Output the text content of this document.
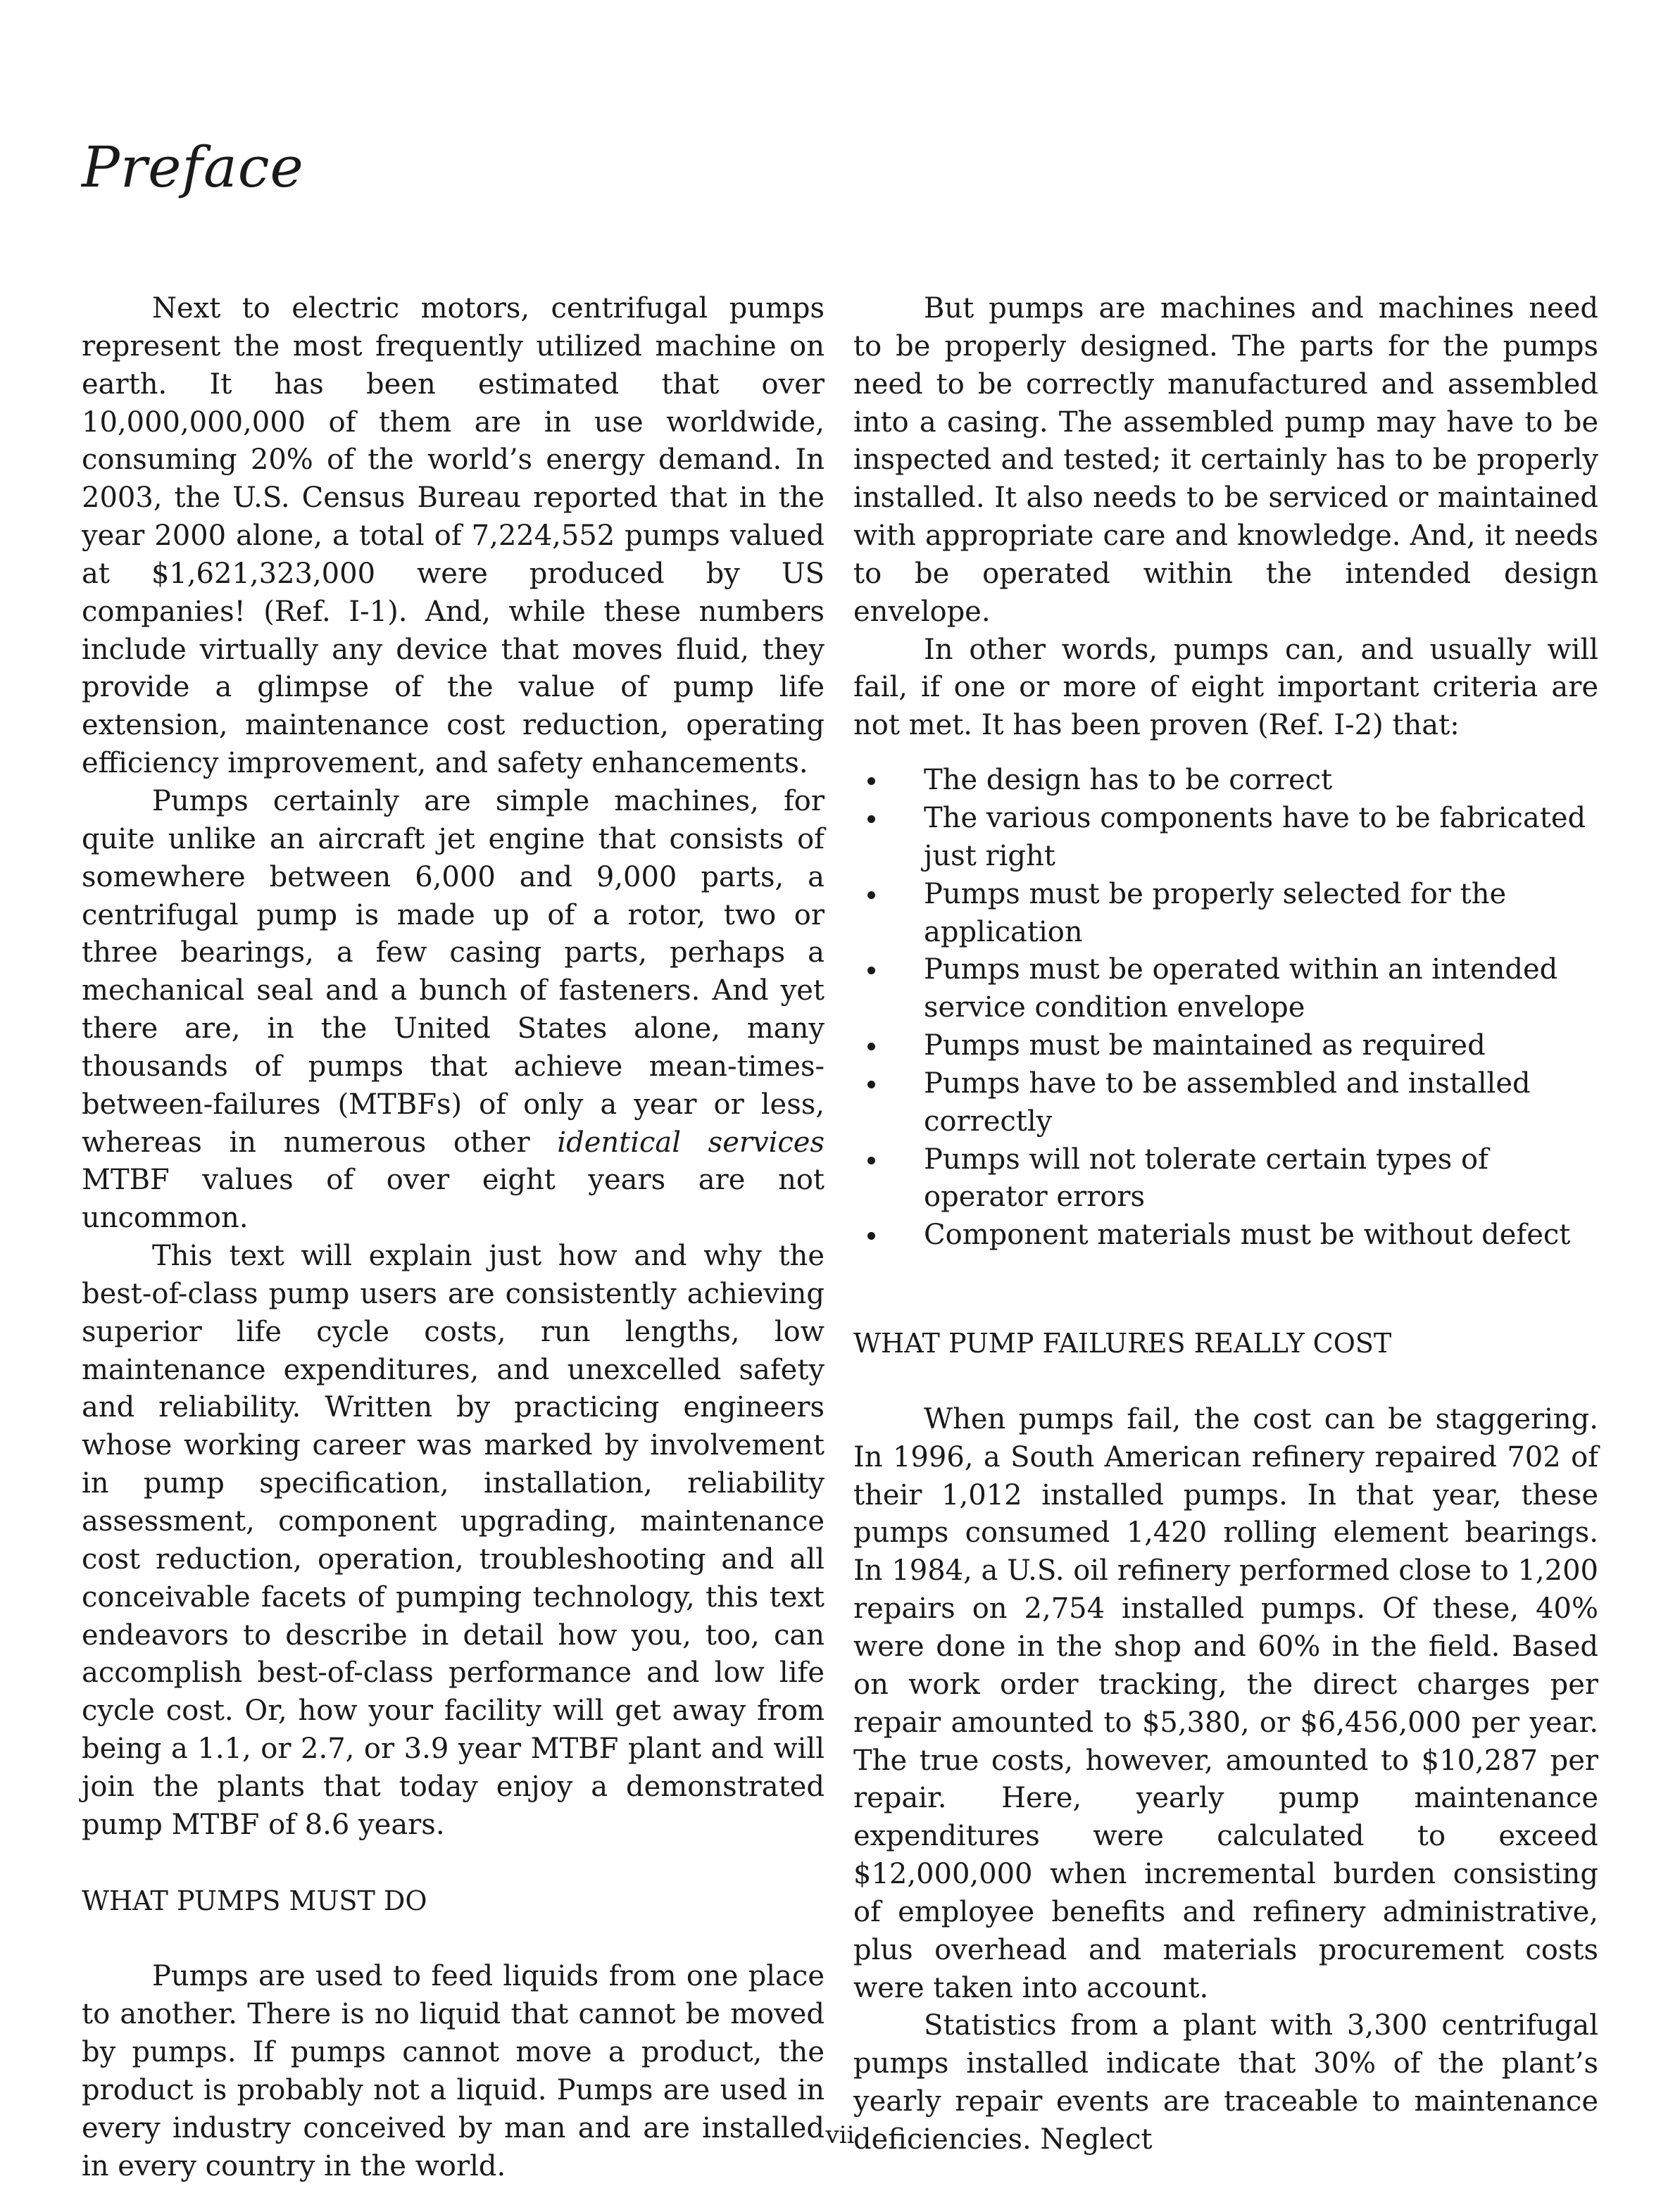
Preface

Next to electric motors, centrifugal pumps represent the most frequently utilized machine on earth. It has been estimated that over 10,000,000,000 of them are in use worldwide, consuming 20% of the world’s energy demand. In 2003, the U.S. Census Bureau reported that in the year 2000 alone, a total of 7,224,552 pumps valued at $1,621,323,000 were produced by US companies! (Ref. I-1). And, while these numbers include virtually any device that moves fluid, they provide a glimpse of the value of pump life extension, maintenance cost reduction, operating efficiency improvement, and safety enhancements.

Pumps certainly are simple machines, for quite unlike an aircraft jet engine that consists of somewhere between 6,000 and 9,000 parts, a centrifugal pump is made up of a rotor, two or three bearings, a few casing parts, perhaps a mechanical seal and a bunch of fasteners. And yet there are, in the United States alone, many thousands of pumps that achieve mean-times-between-failures (MTBFs) of only a year or less, whereas in numerous other identical services MTBF values of over eight years are not uncommon.

This text will explain just how and why the best-of-class pump users are consistently achieving superior life cycle costs, run lengths, low maintenance expenditures, and unexcelled safety and reliability. Written by practicing engineers whose working career was marked by involvement in pump specification, installation, reliability assessment, component upgrading, maintenance cost reduction, operation, troubleshooting and all conceivable facets of pumping technology, this text endeavors to describe in detail how you, too, can accomplish best-of-class performance and low life cycle cost. Or, how your facility will get away from being a 1.1, or 2.7, or 3.9 year MTBF plant and will join the plants that today enjoy a demonstrated pump MTBF of 8.6 years.

WHAT PUMPS MUST DO

Pumps are used to feed liquids from one place to another. There is no liquid that cannot be moved by pumps. If pumps cannot move a product, the product is probably not a liquid. Pumps are used in every industry conceived by man and are installed in every country in the world.

But pumps are machines and machines need to be properly designed. The parts for the pumps need to be correctly manufactured and assembled into a casing. The assembled pump may have to be inspected and tested; it certainly has to be properly installed. It also needs to be serviced or maintained with appropriate care and knowledge. And, it needs to be operated within the intended design envelope.

In other words, pumps can, and usually will fail, if one or more of eight important criteria are not met. It has been proven (Ref. I-2) that:

The design has to be correct
The various components have to be fabricated just right
Pumps must be properly selected for the application
Pumps must be operated within an intended service condition envelope
Pumps must be maintained as required
Pumps have to be assembled and installed correctly
Pumps will not tolerate certain types of operator errors
Component materials must be without defect
WHAT PUMP FAILURES REALLY COST

When pumps fail, the cost can be staggering. In 1996, a South American refinery repaired 702 of their 1,012 installed pumps. In that year, these pumps consumed 1,420 rolling element bearings. In 1984, a U.S. oil refinery performed close to 1,200 repairs on 2,754 installed pumps. Of these, 40% were done in the shop and 60% in the field. Based on work order tracking, the direct charges per repair amounted to $5,380, or $6,456,000 per year. The true costs, however, amounted to $10,287 per repair. Here, yearly pump maintenance expenditures were calculated to exceed $12,000,000 when incremental burden consisting of employee benefits and refinery administrative, plus overhead and materials procurement costs were taken into account.

Statistics from a plant with 3,300 centrifugal pumps installed indicate that 30% of the plant’s yearly repair events are traceable to maintenance deficiencies. Neglect

vii
